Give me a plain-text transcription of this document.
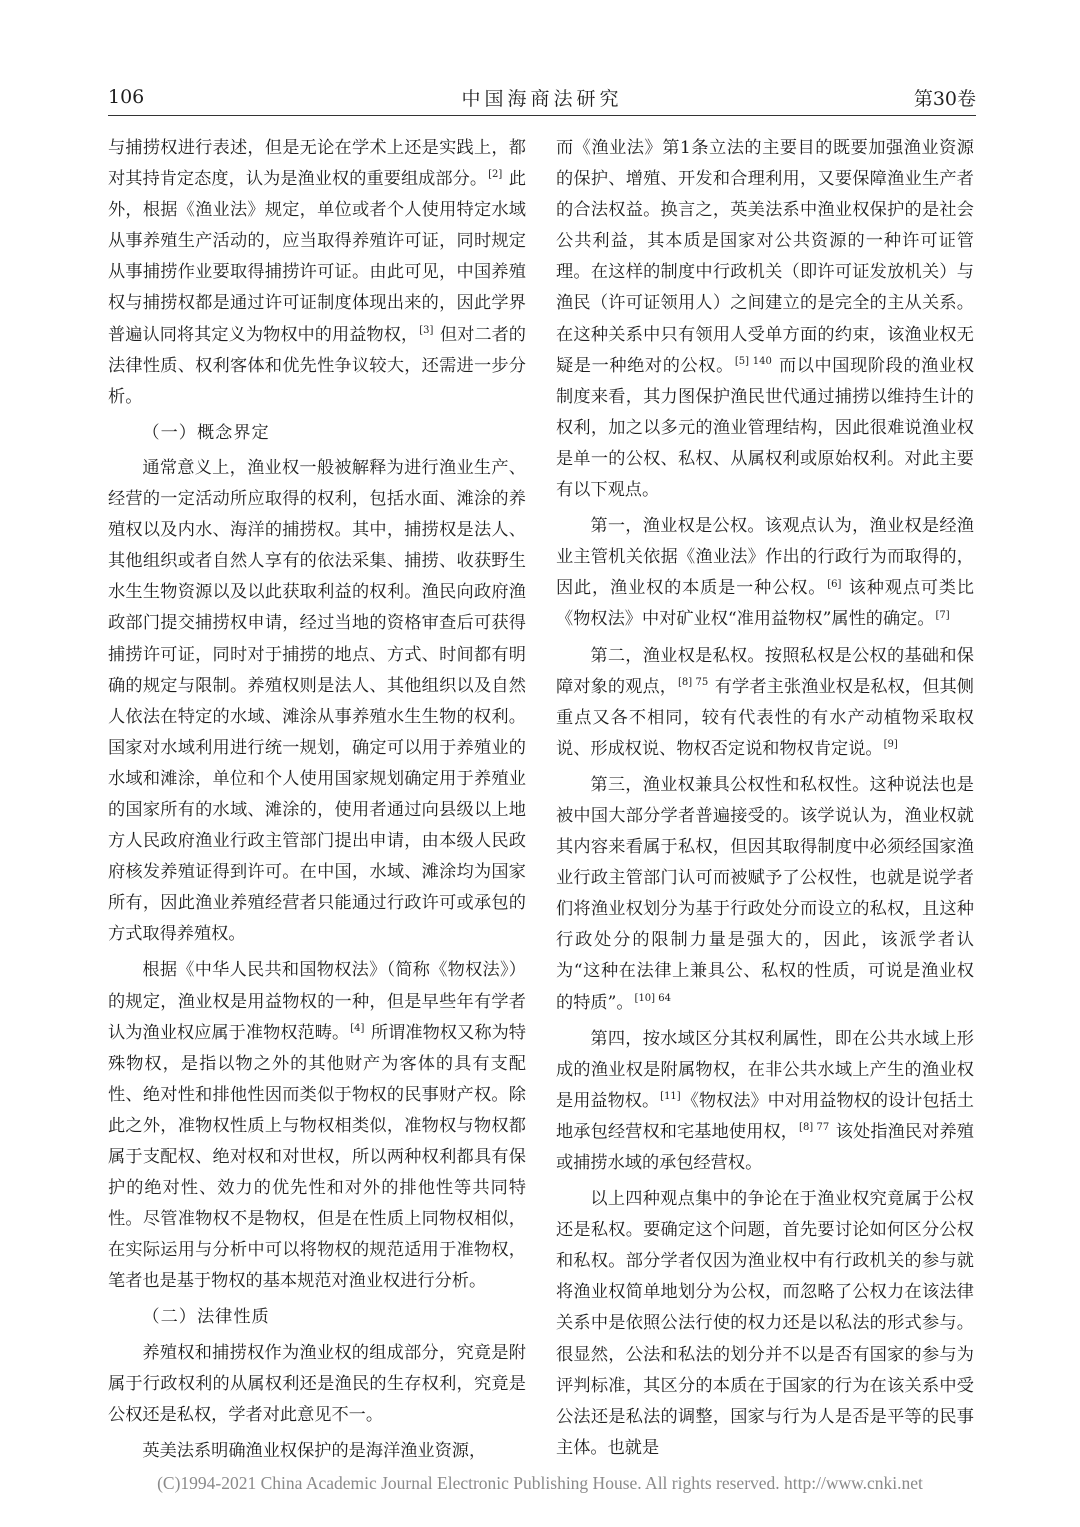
106	中国海商法研究	第30卷

与捕捞权进行表述，但是无论在学术上还是实践上，都对其持肯定态度，认为是渔业权的重要组成部分。[2] 此外，根据《渔业法》规定，单位或者个人使用特定水域从事养殖生产活动的，应当取得养殖许可证，同时规定从事捕捞作业要取得捕捞许可证。由此可见，中国养殖权与捕捞权都是通过许可证制度体现出来的，因此学界普遍认同将其定义为物权中的用益物权，[3] 但对二者的法律性质、权利客体和优先性争议较大，还需进一步分析。

（一）概念界定

通常意义上，渔业权一般被解释为进行渔业生产、经营的一定活动所应取得的权利，包括水面、滩涂的养殖权以及内水、海洋的捕捞权。其中，捕捞权是法人、其他组织或者自然人享有的依法采集、捕捞、收获野生水生生物资源以及以此获取利益的权利。渔民向政府渔政部门提交捕捞权申请，经过当地的资格审查后可获得捕捞许可证，同时对于捕捞的地点、方式、时间都有明确的规定与限制。养殖权则是法人、其他组织以及自然人依法在特定的水域、滩涂从事养殖水生生物的权利。国家对水域利用进行统一规划，确定可以用于养殖业的水域和滩涂，单位和个人使用国家规划确定用于养殖业的国家所有的水域、滩涂的，使用者通过向县级以上地方人民政府渔业行政主管部门提出申请，由本级人民政府核发养殖证得到许可。在中国，水域、滩涂均为国家所有，因此渔业养殖经营者只能通过行政许可或承包的方式取得养殖权。

根据《中华人民共和国物权法》（简称《物权法》）的规定，渔业权是用益物权的一种，但是早些年有学者认为渔业权应属于准物权范畴。[4] 所谓准物权又称为特殊物权，是指以物之外的其他财产为客体的具有支配性、绝对性和排他性因而类似于物权的民事财产权。除此之外，准物权性质上与物权相类似，准物权与物权都属于支配权、绝对权和对世权，所以两种权利都具有保护的绝对性、效力的优先性和对外的排他性等共同特性。尽管准物权不是物权，但是在性质上同物权相似，在实际运用与分析中可以将物权的规范适用于准物权，笔者也是基于物权的基本规范对渔业权进行分析。

（二）法律性质

养殖权和捕捞权作为渔业权的组成部分，究竟是附属于行政权利的从属权利还是渔民的生存权利，究竟是公权还是私权，学者对此意见不一。

英美法系明确渔业权保护的是海洋渔业资源，

而《渔业法》第1条立法的主要目的既要加强渔业资源的保护、增殖、开发和合理利用，又要保障渔业生产者的合法权益。换言之，英美法系中渔业权保护的是社会公共利益，其本质是国家对公共资源的一种许可证管理。在这样的制度中行政机关（即许可证发放机关）与渔民（许可证领用人）之间建立的是完全的主从关系。在这种关系中只有领用人受单方面的约束，该渔业权无疑是一种绝对的公权。$^{[5] 140}$ 而以中国现阶段的渔业权制度来看，其力图保护渔民世代通过捕捞以维持生计的权利，加之以多元的渔业管理结构，因此很难说渔业权是单一的公权、私权、从属权利或原始权利。对此主要有以下观点。

第一，渔业权是公权。该观点认为，渔业权是经渔业主管机关依据《渔业法》作出的行政行为而取得的，因此，渔业权的本质是一种公权。[6] 该种观点可类比《物权法》中对矿业权“准用益物权”属性的确定。[7]

第二，渔业权是私权。按照私权是公权的基础和保障对象的观点，$^{[8] 75}$ 有学者主张渔业权是私权，但其侧重点又各不相同，较有代表性的有水产动植物采取权说、形成权说、物权否定说和物权肯定说。[9]

第三，渔业权兼具公权性和私权性。这种说法也是被中国大部分学者普遍接受的。该学说认为，渔业权就其内容来看属于私权，但因其取得制度中必须经国家渔业行政主管部门认可而被赋予了公权性，也就是说学者们将渔业权划分为基于行政处分而设立的私权，且这种行政处分的限制力量是强大的，因此，该派学者认为“这种在法律上兼具公、私权的性质，可说是渔业权的特质”。$^{[10] 64}$

第四，按水域区分其权利属性，即在公共水域上形成的渔业权是附属物权，在非公共水域上产生的渔业权是用益物权。[11]《物权法》中对用益物权的设计包括土地承包经营权和宅基地使用权，$^{[8] 77}$ 该处指渔民对养殖或捕捞水域的承包经营权。

以上四种观点集中的争论在于渔业权究竟属于公权还是私权。要确定这个问题，首先要讨论如何区分公权和私权。部分学者仅因为渔业权中有行政机关的参与就将渔业权简单地划分为公权，而忽略了公权力在该法律关系中是依照公法行使的权力还是以私法的形式参与。很显然，公法和私法的划分并不以是否有国家的参与为评判标准，其区分的本质在于国家的行为在该关系中受公法还是私法的调整，国家与行为人是否是平等的民事主体。也就是

(C)1994-2021 China Academic Journal Electronic Publishing House. All rights reserved. http://www.cnki.net
